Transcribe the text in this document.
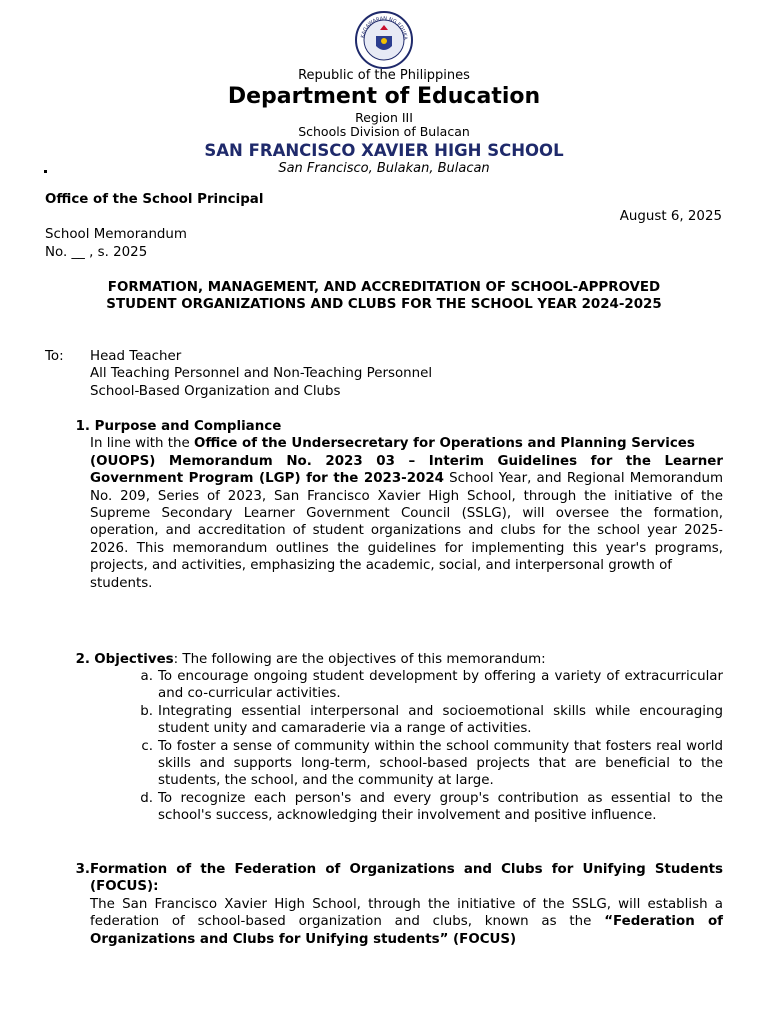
KAGAWARAN NG EDUKA
Republic of the Philippines
Department of Education
Region III
Schools Division of Bulacan
SAN FRANCISCO XAVIER HIGH SCHOOL
San Francisco, Bulakan, Bulacan
Office of the School Principal
August 6, 2025
School Memorandum
No. __ , s. 2025
FORMATION, MANAGEMENT, AND ACCREDITATION OF SCHOOL-APPROVED
STUDENT ORGANIZATIONS AND CLUBS FOR THE SCHOOL YEAR 2024-2025
To: Head Teacher
All Teaching Personnel and Non-Teaching Personnel
School-Based Organization and Clubs
1. Purpose and Compliance
In line with the Office of the Undersecretary for Operations and Planning Services
(OUOPS) Memorandum No. 2023 03 – Interim Guidelines for the Learner Government Program (LGP) for the 2023-2024 School Year, and Regional Memorandum No. 209, Series of 2023, San Francisco Xavier High School, through the initiative of the Supreme Secondary Learner Government Council (SSLG), will oversee the formation, operation, and accreditation of student organizations and clubs for the school year 2025-2026. This memorandum outlines the guidelines for implementing this year's programs, projects, and activities, emphasizing the academic, social, and interpersonal growth of
students.
2. Objectives: The following are the objectives of this memorandum:
a. To encourage ongoing student development by offering a variety of extracurricular and co-curricular activities.
b. Integrating essential interpersonal and socioemotional skills while encouraging student unity and camaraderie via a range of activities.
c. To foster a sense of community within the school community that fosters real world skills and supports long-term, school-based projects that are beneficial to the students, the school, and the community at large.
d. To recognize each person's and every group's contribution as essential to the school's success, acknowledging their involvement and positive influence.
3. Formation of the Federation of Organizations and Clubs for Unifying Students (FOCUS):
The San Francisco Xavier High School, through the initiative of the SSLG, will establish a federation of school-based organization and clubs, known as the “Federation of Organizations and Clubs for Unifying students” (FOCUS)
